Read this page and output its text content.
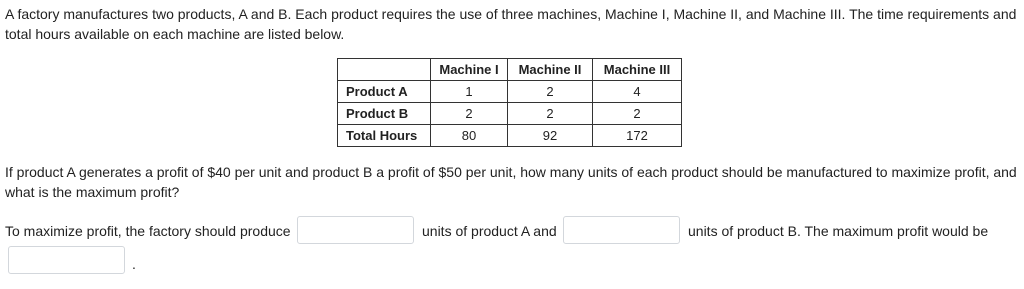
A factory manufactures two products, A and B. Each product requires the use of three machines, Machine I, Machine II, and Machine III. The time requirements and total hours available on each machine are listed below.

	Machine I	Machine II	Machine III
Product A	1	2	4
Product B	2	2	2
Total Hours	80	92	172

If product A generates a profit of $40 per unit and product B a profit of $50 per unit, how many units of each product should be manufactured to maximize profit, and what is the maximum profit?

To maximize profit, the factory should produce	units of product A and	units of product B. The maximum profit would be
.
